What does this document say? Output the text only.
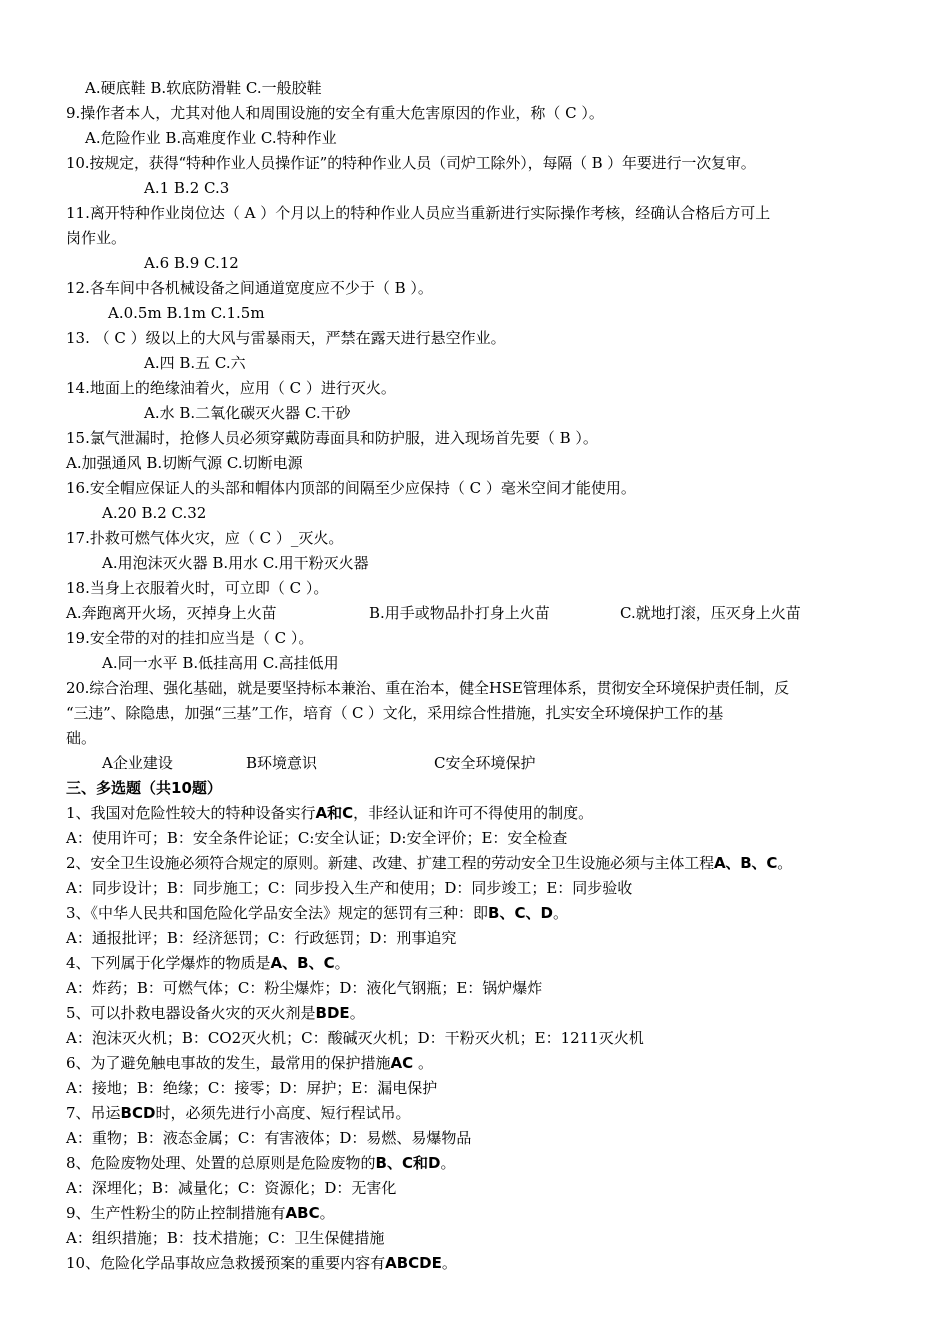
A.硬底鞋 B.软底防滑鞋 C.一般胶鞋
9.操作者本人，尤其对他人和周围设施的安全有重大危害原因的作业，称（ C ）。
A.危险作业 B.高难度作业 C.特种作业
10.按规定，获得“特种作业人员操作证”的特种作业人员（司炉工除外），每隔（ B ）年要进行一次复审。
A.1 B.2 C.3
11.离开特种作业岗位达（ A ）个月以上的特种作业人员应当重新进行实际操作考核，经确认合格后方可上
岗作业。
A.6 B.9 C.12
12.各车间中各机械设备之间通道宽度应不少于（ B ）。
A.0.5m B.1m C.1.5m
13. （ C ）级以上的大风与雷暴雨天，严禁在露天进行悬空作业。
A.四 B.五 C.六
14.地面上的绝缘油着火，应用（ C ）进行灭火。
A.水 B.二氧化碳灭火器 C.干砂
15.氯气泄漏时，抢修人员必须穿戴防毒面具和防护服，进入现场首先要（ B ）。
A.加强通风 B.切断气源 C.切断电源
16.安全帽应保证人的头部和帽体内顶部的间隔至少应保持（ C ）毫米空间才能使用。
A.20 B.2 C.32
17.扑救可燃气体火灾，应（ C ）_灭火。
A.用泡沫灭火器 B.用水 C.用干粉灭火器
18.当身上衣服着火时，可立即（ C ）。
A.奔跑离开火场，灭掉身上火苗	B.用手或物品扑打身上火苗	C.就地打滚，压灭身上火苗
19.安全带的对的挂扣应当是（ C ）。
A.同一水平 B.低挂高用 C.高挂低用
20.综合治理、强化基础，就是要坚持标本兼治、重在治本，健全HSE管理体系，贯彻安全环境保护责任制，反
“三违”、除隐患，加强“三基”工作，培育（ C ）文化，采用综合性措施，扎实安全环境保护工作的基
础。
A企业建设	B环境意识	C安全环境保护
三、多选题（共10题）
1、我国对危险性较大的特种设备实行A和C，非经认证和许可不得使用的制度。
A：使用许可；B：安全条件论证；C:安全认证；D:安全评价；E：安全检查
2、安全卫生设施必须符合规定的原则。新建、改建、扩建工程的劳动安全卫生设施必须与主体工程A、B、C。
A：同步设计；B：同步施工；C：同步投入生产和使用；D：同步竣工；E：同步验收
3、《中华人民共和国危险化学品安全法》规定的惩罚有三种：即B、C、D。
A：通报批评；B：经济惩罚；C：行政惩罚；D：刑事追究
4、下列属于化学爆炸的物质是A、B、C。
A：炸药；B：可燃气体；C：粉尘爆炸；D：液化气钢瓶；E：锅炉爆炸
5、可以扑救电器设备火灾的灭火剂是BDE。
A：泡沫灭火机；B：CO2灭火机；C：酸碱灭火机；D：干粉灭火机；E：1211灭火机
6、为了避免触电事故的发生，最常用的保护措施AC 。
A：接地；B：绝缘；C：接零；D：屏护；E：漏电保护
7、吊运BCD时，必须先进行小高度、短行程试吊。
A：重物；B：液态金属；C：有害液体；D：易燃、易爆物品
8、危险废物处理、处置的总原则是危险废物的B、C和D。
A：深埋化；B：减量化；C：资源化；D：无害化
9、生产性粉尘的防止控制措施有ABC。
A：组织措施；B：技术措施；C：卫生保健措施
10、危险化学品事故应急救援预案的重要内容有ABCDE。
